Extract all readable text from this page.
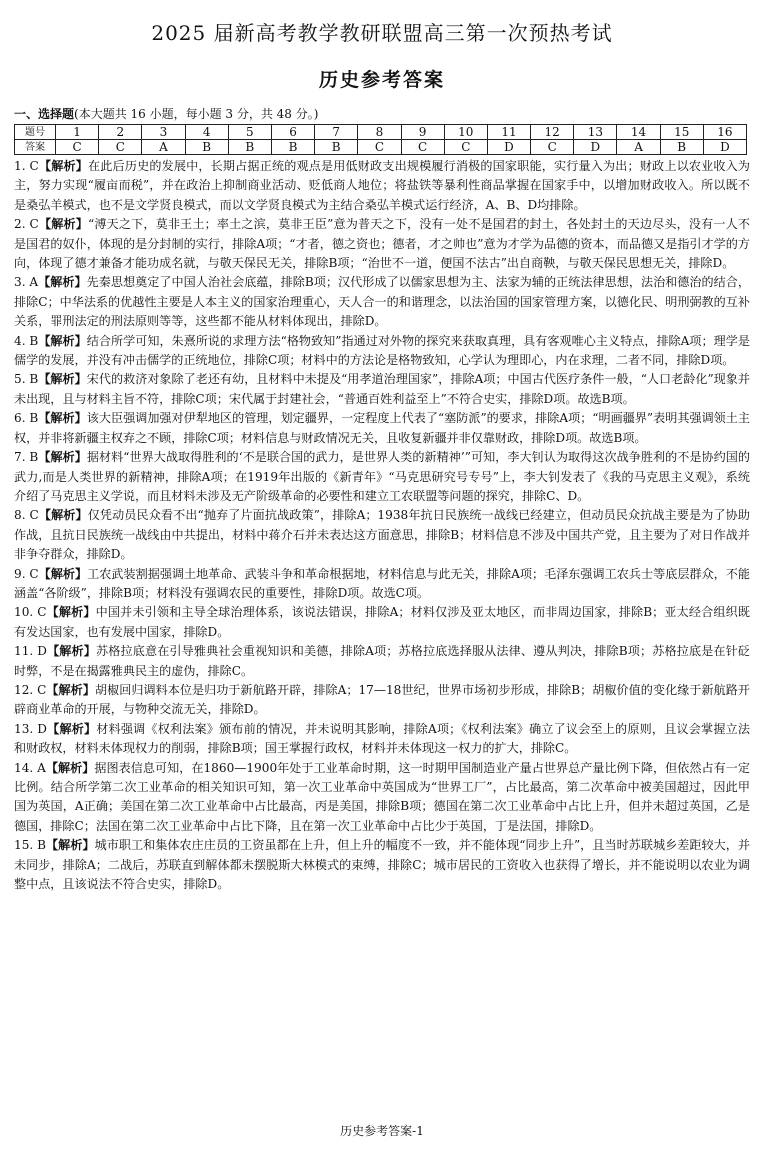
2025 届新高考教学教研联盟高三第一次预热考试
历史参考答案
一、选择题(本大题共 16 小题，每小题 3 分，共 48 分。)
题号	1	2	3	4	5	6	7	8	9	10	11	12	13	14	15	16
答案	C	C	A	B	B	B	B	C	C	C	D	C	D	A	B	D
1. C【解析】在此后历史的发展中，长期占据正统的观点是用低财政支出规模履行消极的国家职能，实行量入为出；财政上以农业收入为主，努力实现“履亩而税”，并在政治上抑制商业活动、贬低商人地位；将盐铁等暴利性商品掌握在国家手中，以增加财政收入。所以既不是桑弘羊模式，也不是文学贤良模式，而以文学贤良模式为主结合桑弘羊模式运行经济，A、B、D均排除。
2. C【解析】“溥天之下，莫非王土；率土之滨，莫非王臣”意为普天之下，没有一处不是国君的封土，各处封土的天边尽头，没有一人不是国君的奴仆，体现的是分封制的实行，排除A项；“才者，德之资也；德者，才之帅也”意为才学为品德的资本，而品德又是指引才学的方向，体现了德才兼备才能功成名就，与敬天保民无关，排除B项；“治世不一道，便国不法古”出自商鞅，与敬天保民思想无关，排除D。
3. A【解析】先秦思想奠定了中国人治社会底蕴，排除B项；汉代形成了以儒家思想为主、法家为辅的正统法律思想，法治和德治的结合，排除C；中华法系的优越性主要是人本主义的国家治理重心，天人合一的和谐理念，以法治国的国家管理方案，以德化民、明刑弼教的互补关系，罪刑法定的刑法原则等等，这些都不能从材料体现出，排除D。
4. B【解析】结合所学可知，朱熹所说的求理方法“格物致知”指通过对外物的探究来获取真理，具有客观唯心主义特点，排除A项；理学是儒学的发展，并没有冲击儒学的正统地位，排除C项；材料中的方法论是格物致知，心学认为理即心，内在求理，二者不同，排除D项。
5. B【解析】宋代的救济对象除了老还有幼，且材料中未提及“用孝道治理国家”，排除A项；中国古代医疗条件一般，“人口老龄化”现象并未出现，且与材料主旨不符，排除C项；宋代属于封建社会，“普通百姓利益至上”不符合史实，排除D项。故选B项。
6. B【解析】该大臣强调加强对伊犁地区的管理，划定疆界，一定程度上代表了“塞防派”的要求，排除A项；“明画疆界”表明其强调领土主权，并非将新疆主权弃之不顾，排除C项；材料信息与财政情况无关，且收复新疆并非仅靠财政，排除D项。故选B项。
7. B【解析】据材料“世界大战取得胜利的‘不是联合国的武力，是世界人类的新精神’”可知，李大钊认为取得这次战争胜利的不是协约国的武力,而是人类世界的新精神，排除A项；在1919年出版的《新青年》“马克思研究号专号”上，李大钊发表了《我的马克思主义观》，系统介绍了马克思主义学说，而且材料未涉及无产阶级革命的必要性和建立工农联盟等问题的探究，排除C、D。
8. C【解析】仅凭动员民众看不出“抛弃了片面抗战政策”，排除A；1938年抗日民族统一战线已经建立，但动员民众抗战主要是为了协助作战，且抗日民族统一战线由中共提出，材料中蒋介石并未表达这方面意思，排除B；材料信息不涉及中国共产党，且主要为了对日作战并非争夺群众，排除D。
9. C【解析】工农武装割据强调土地革命、武装斗争和革命根据地，材料信息与此无关，排除A项；毛泽东强调工农兵士等底层群众，不能涵盖“各阶级”，排除B项；材料没有强调农民的重要性，排除D项。故选C项。
10. C【解析】中国并未引领和主导全球治理体系，该说法错误，排除A；材料仅涉及亚太地区，而非周边国家，排除B；亚太经合组织既有发达国家，也有发展中国家，排除D。
11. D【解析】苏格拉底意在引导雅典社会重视知识和美德，排除A项；苏格拉底选择服从法律、遵从判决，排除B项；苏格拉底是在针砭时弊，不是在揭露雅典民主的虚伪，排除C。
12. C【解析】胡椒回归调料本位是归功于新航路开辟，排除A；17—18世纪，世界市场初步形成，排除B；胡椒价值的变化缘于新航路开辟商业革命的开展，与物种交流无关，排除D。
13. D【解析】材料强调《权利法案》颁布前的情况，并未说明其影响，排除A项；《权利法案》确立了议会至上的原则，且议会掌握立法和财政权，材料未体现权力的削弱，排除B项；国王掌握行政权，材料并未体现这一权力的扩大，排除C。
14. A【解析】据图表信息可知，在1860—1900年处于工业革命时期，这一时期甲国制造业产量占世界总产量比例下降，但依然占有一定比例。结合所学第二次工业革命的相关知识可知，第一次工业革命中英国成为“世界工厂”，占比最高，第二次革命中被美国超过，因此甲国为英国，A正确；美国在第二次工业革命中占比最高，丙是美国，排除B项；德国在第二次工业革命中占比上升，但并未超过英国，乙是德国，排除C；法国在第二次工业革命中占比下降，且在第一次工业革命中占比少于英国，丁是法国，排除D。
15. B【解析】城市职工和集体农庄庄员的工资虽都在上升，但上升的幅度不一致，并不能体现“同步上升”，且当时苏联城乡差距较大，并未同步，排除A；二战后，苏联直到解体都未摆脱斯大林模式的束缚，排除C；城市居民的工资收入也获得了增长，并不能说明以农业为调整中点，且该说法不符合史实，排除D。
历史参考答案-1
